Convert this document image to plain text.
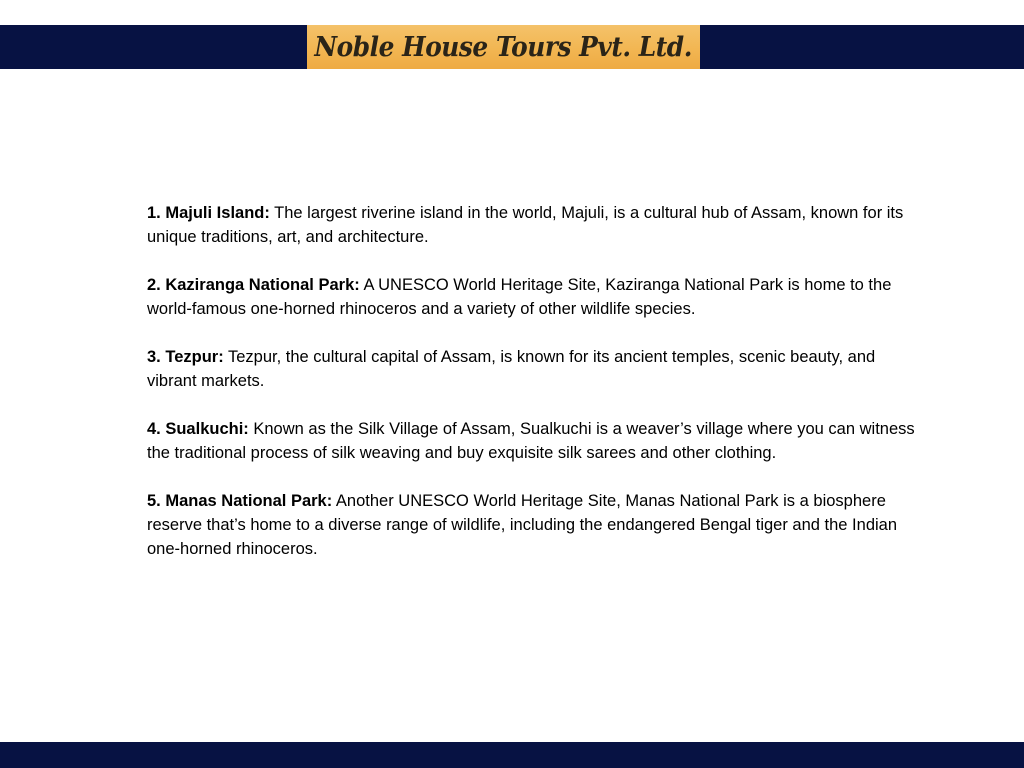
Noble House Tours Pvt. Ltd.

1. Majuli Island: The largest riverine island in the world, Majuli, is a cultural hub of Assam, known for its unique traditions, art, and architecture.

2. Kaziranga National Park: A UNESCO World Heritage Site, Kaziranga National Park is home to the world-famous one-horned rhinoceros and a variety of other wildlife species.

3. Tezpur: Tezpur, the cultural capital of Assam, is known for its ancient temples, scenic beauty, and vibrant markets.

4. Sualkuchi: Known as the Silk Village of Assam, Sualkuchi is a weaver’s village where you can witness the traditional process of silk weaving and buy exquisite silk sarees and other clothing.

5. Manas National Park: Another UNESCO World Heritage Site, Manas National Park is a biosphere reserve that’s home to a diverse range of wildlife, including the endangered Bengal tiger and the Indian one-horned rhinoceros.
